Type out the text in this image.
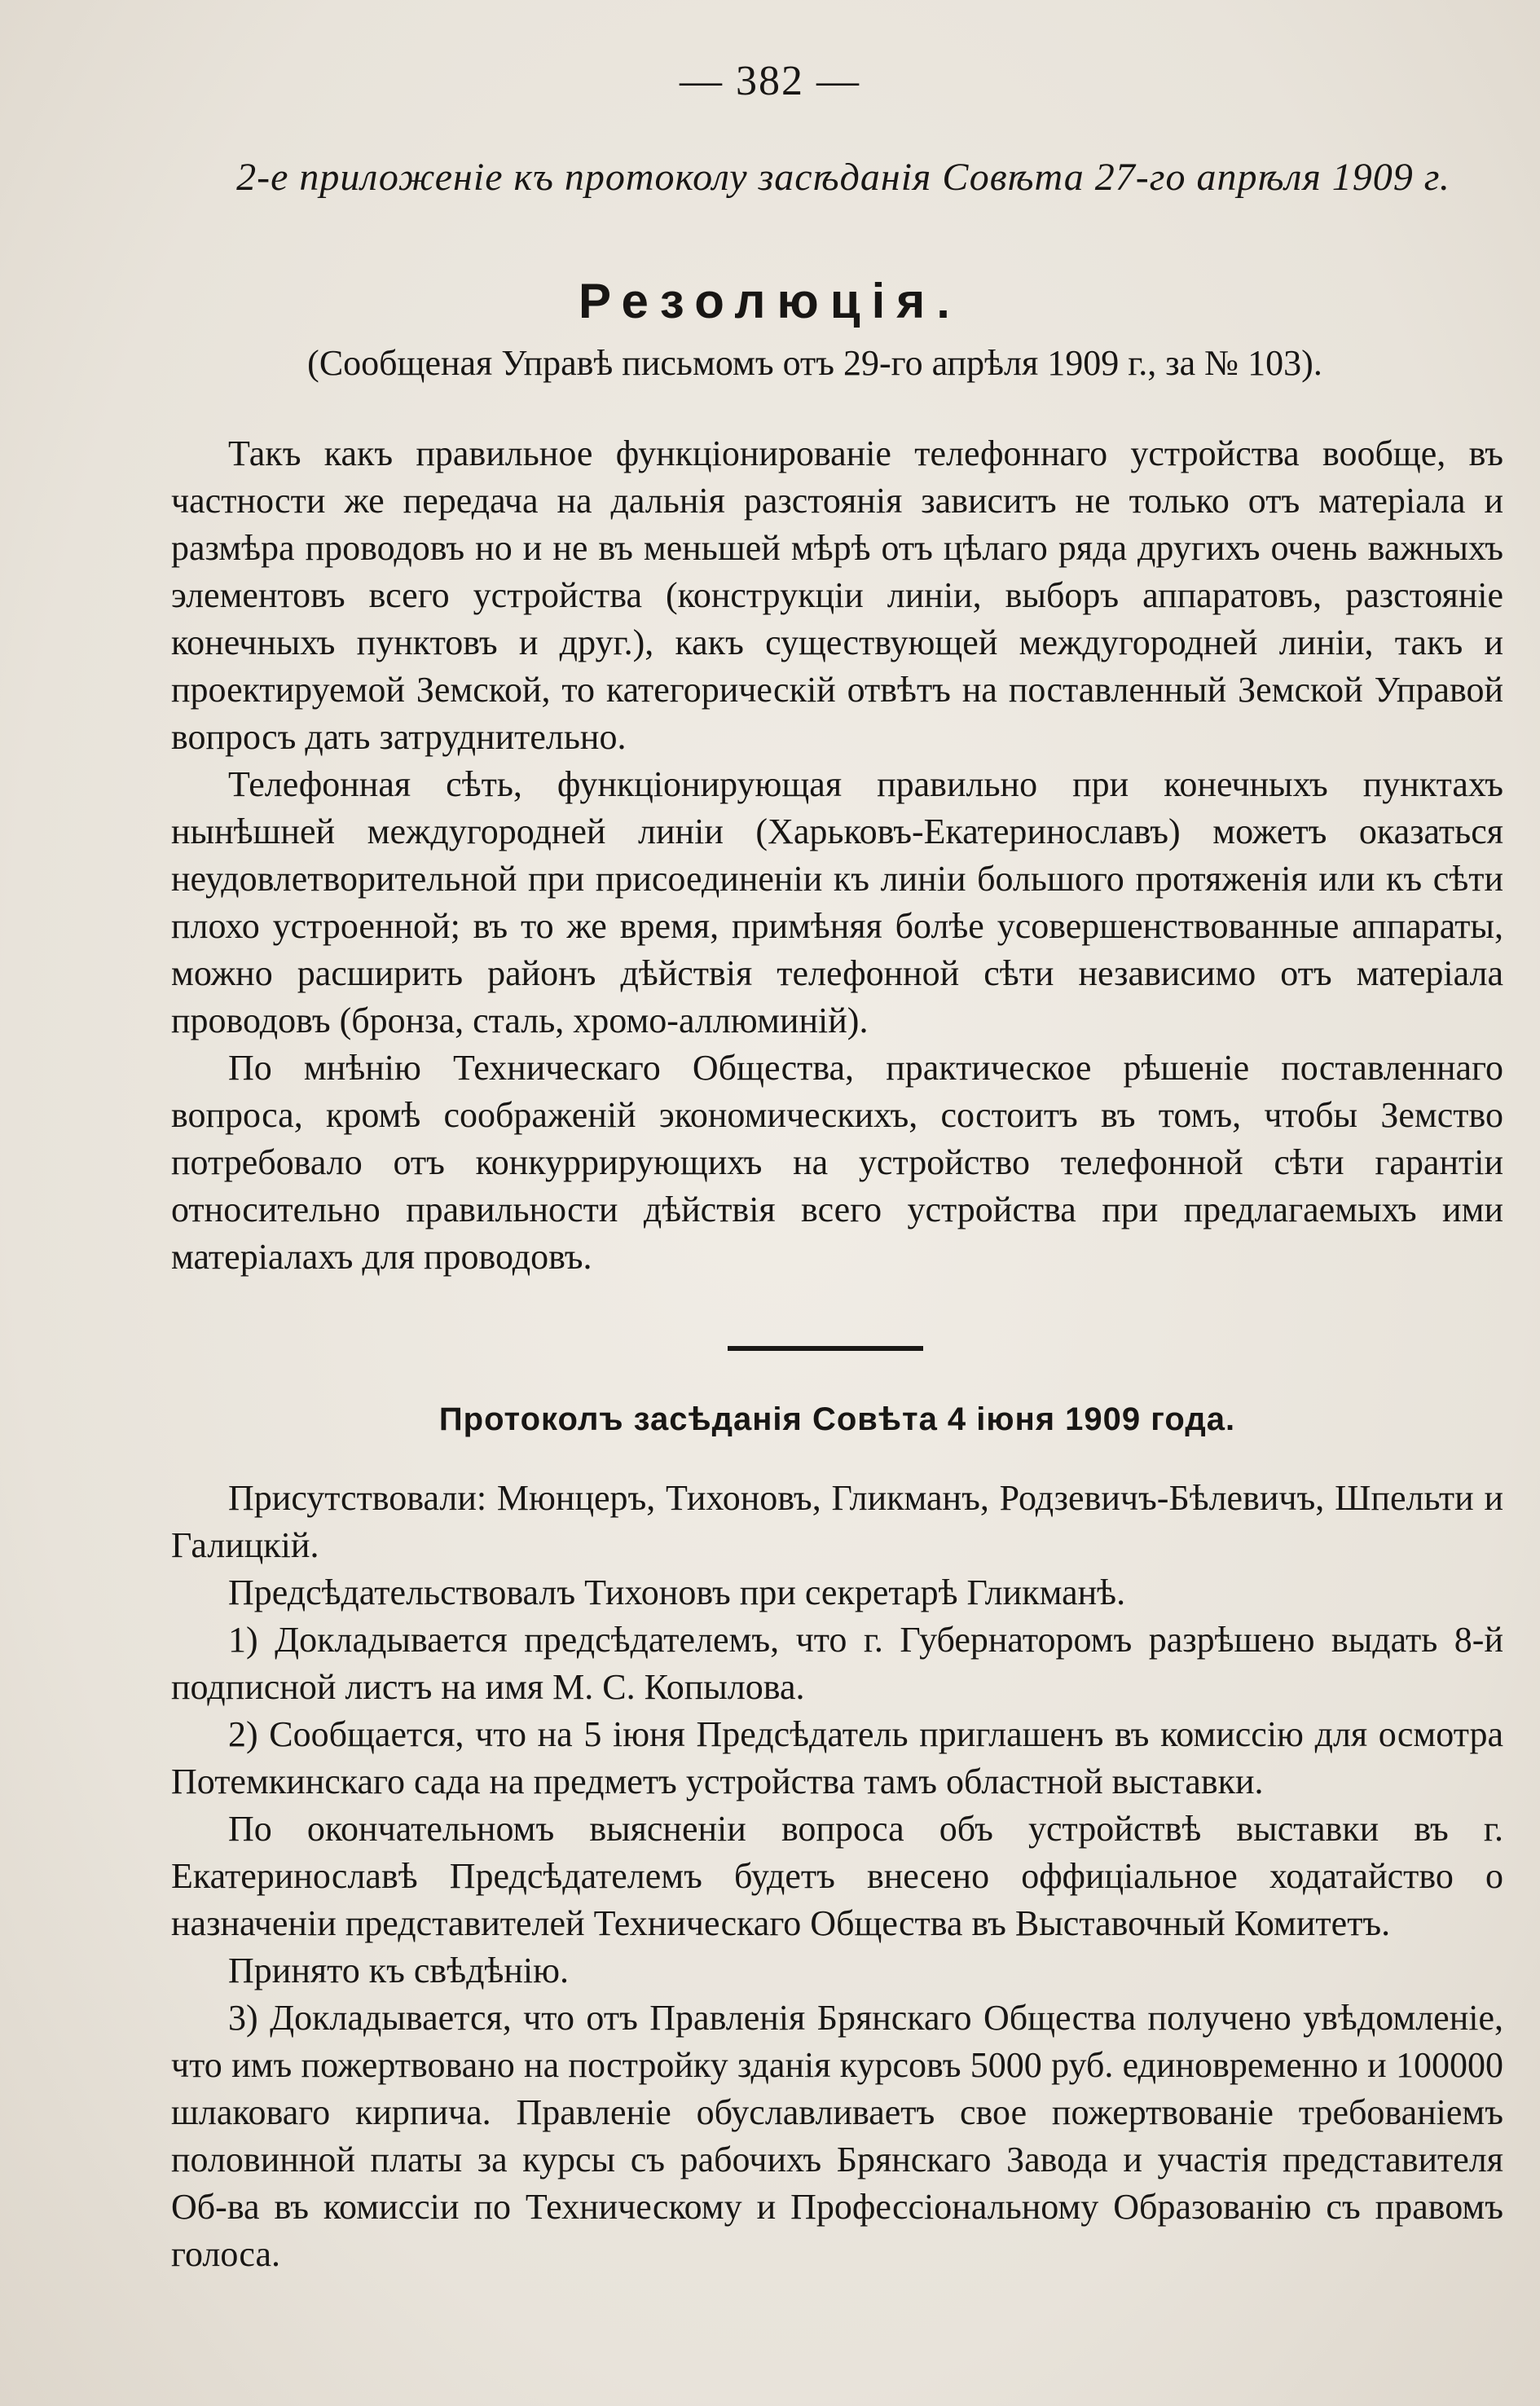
— 382 —
2-е приложенiе къ протоколу засѣданiя Совѣта 27-го апрѣля 1909 г.
Резолюцiя.
(Сообщеная Управѣ письмомъ отъ 29-го апрѣля 1909 г., за № 103).

Такъ какъ правильное функцiонированiе телефоннаго устройства вообще, въ частности же передача на дальнiя разстоянiя зависитъ не только отъ матерiала и размѣра проводовъ но и не въ меньшей мѣрѣ отъ цѣлаго ряда другихъ очень важныхъ элементовъ всего устройства (конструкцiи линiи, выборъ аппаратовъ, разстоянiе конечныхъ пунктовъ и друг.), какъ существующей междугородней линiи, такъ и проектируемой Земской, то категорическiй отвѣтъ на поставленный Земской Управой вопросъ дать затруднительно.

Телефонная сѣть, функцiонирующая правильно при конечныхъ пунктахъ нынѣшней междугородней линiи (Харьковъ-Екатеринославъ) можетъ оказаться неудовлетворительной при присоединенiи къ линiи большого протяженiя или къ сѣти плохо устроенной; въ то же время, примѣняя болѣе усовершенствованные аппараты, можно расширить районъ дѣйствiя телефонной сѣти независимо отъ матерiала проводовъ (бронза, сталь, хромо-аллюминiй).

По мнѣнiю Техническаго Общества, практическое рѣшенiе поставленнаго вопроса, кромѣ соображенiй экономическихъ, состоитъ въ томъ, чтобы Земство потребовало отъ конкуррирующихъ на устройство телефонной сѣти гарантiи относительно правильности дѣйствiя всего устройства при предлагаемыхъ ими матерiалахъ для проводовъ.

Протоколъ засѣданiя Совѣта 4 iюня 1909 года.

Присутствовали: Мюнцеръ, Тихоновъ, Гликманъ, Родзевичъ-Бѣлевичъ, Шпельти и Галицкiй.

Предсѣдательствовалъ Тихоновъ при секретарѣ Гликманѣ.

1) Докладывается предсѣдателемъ, что г. Губернаторомъ разрѣшено выдать 8-й подписной листъ на имя М. С. Копылова.

2) Сообщается, что на 5 iюня Предсѣдатель приглашенъ въ комиссiю для осмотра Потемкинскаго сада на предметъ устройства тамъ областной выставки.

По окончательномъ выясненiи вопроса объ устройствѣ выставки въ г. Екатеринославѣ Предсѣдателемъ будетъ внесено оффицiальное ходатайство о назначенiи представителей Техническаго Общества въ Выставочный Комитетъ.

Принято къ свѣдѣнiю.

3) Докладывается, что отъ Правленiя Брянскаго Общества получено увѣдомленiе, что имъ пожертвовано на постройку зданiя курсовъ 5000 руб. единовременно и 100000 шлаковаго кирпича. Правленiе обуславливаетъ свое пожертвованiе требованiемъ половинной платы за курсы съ рабочихъ Брянскаго Завода и участiя представителя Об-ва въ комиссiи по Техническому и Профессiональному Образованiю съ правомъ голоса.
